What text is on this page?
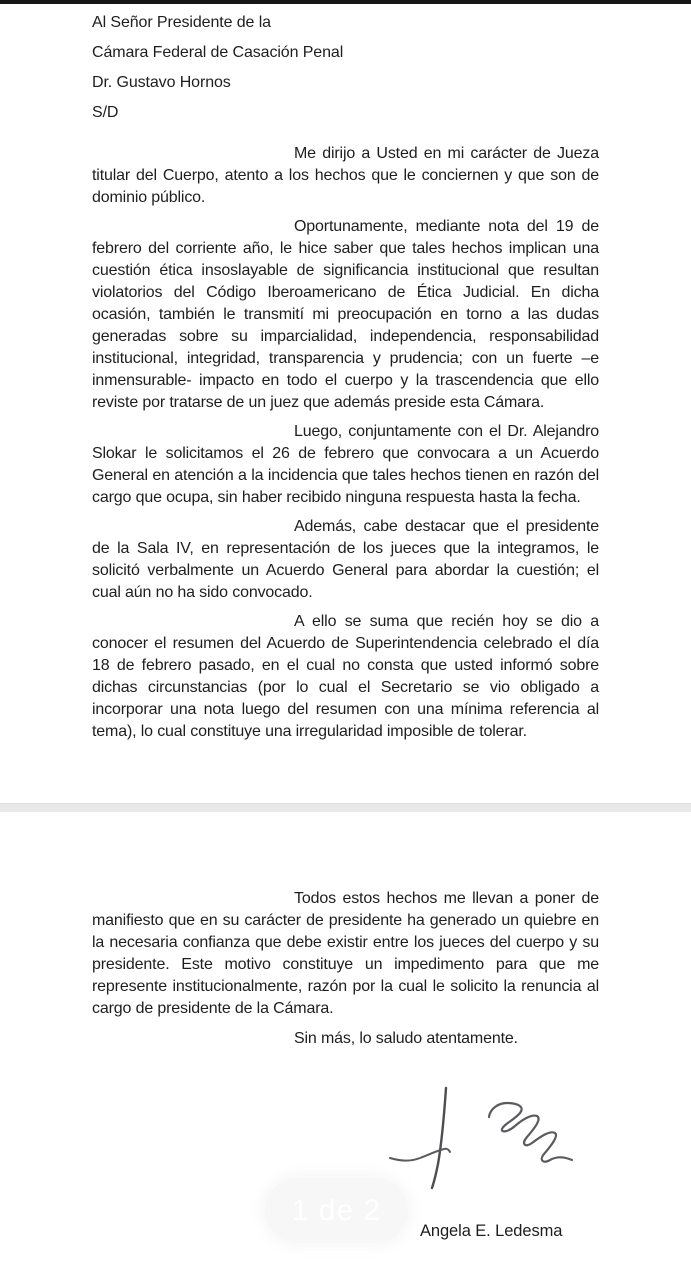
Al Señor Presidente de la
Cámara Federal de Casación Penal
Dr. Gustavo Hornos
S/D

Me dirijo a Usted en mi carácter de Jueza titular del Cuerpo, atento a los hechos que le conciernen y que son de dominio público.

Oportunamente, mediante nota del 19 de febrero del corriente año, le hice saber que tales hechos implican una cuestión ética insoslayable de significancia institucional que resultan violatorios del Código Iberoamericano de Ética Judicial. En dicha ocasión, también le transmití mi preocupación en torno a las dudas generadas sobre su imparcialidad, independencia, responsabilidad institucional, integridad, transparencia y prudencia; con un fuerte –e inmensurable- impacto en todo el cuerpo y la trascendencia que ello reviste por tratarse de un juez que además preside esta Cámara.

Luego, conjuntamente con el Dr. Alejandro Slokar le solicitamos el 26 de febrero que convocara a un Acuerdo General en atención a la incidencia que tales hechos tienen en razón del cargo que ocupa, sin haber recibido ninguna respuesta hasta la fecha.

Además, cabe destacar que el presidente de la Sala IV, en representación de los jueces que la integramos, le solicitó verbalmente un Acuerdo General para abordar la cuestión; el cual aún no ha sido convocado.

A ello se suma que recién hoy se dio a conocer el resumen del Acuerdo de Superintendencia celebrado el día 18 de febrero pasado, en el cual no consta que usted informó sobre dichas circunstancias (por lo cual el Secretario se vio obligado a incorporar una nota luego del resumen con una mínima referencia al tema), lo cual constituye una irregularidad imposible de tolerar.

Todos estos hechos me llevan a poner de manifiesto que en su carácter de presidente ha generado un quiebre en la necesaria confianza que debe existir entre los jueces del cuerpo y su presidente. Este motivo constituye un impedimento para que me represente institucionalmente, razón por la cual le solicito la renuncia al cargo de presidente de la Cámara.

Sin más, lo saludo atentamente.

1 de 2
Angela E. Ledesma
